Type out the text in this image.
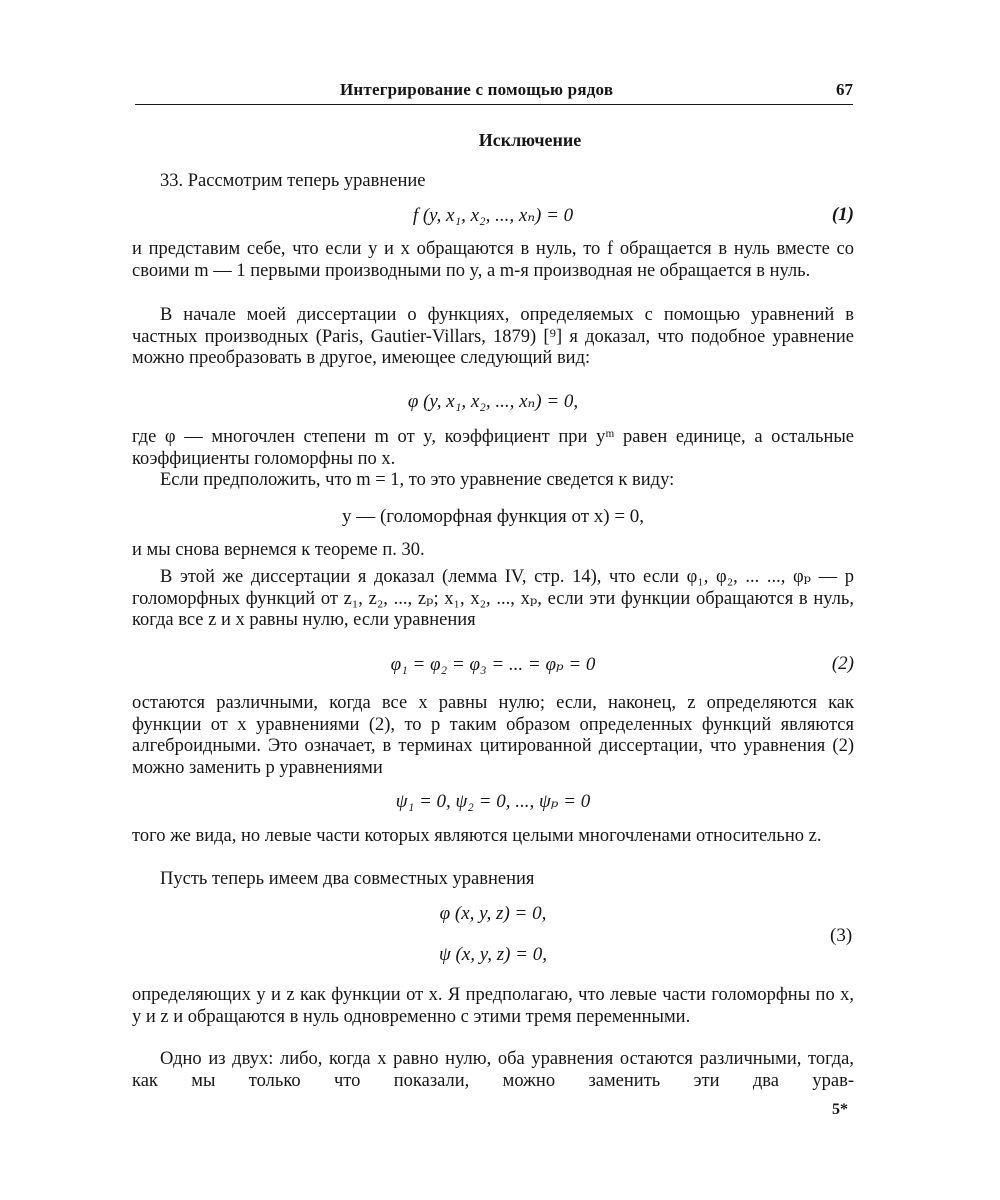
Интегрирование с помощью рядов	67
Исключение
33. Рассмотрим теперь уравнение
f (y, x₁, x₂, ..., xₙ) = 0	(1)
и представим себе, что если y и x обращаются в нуль, то f обращается в нуль вместе со своими m — 1 первыми производными по y, а m-я производная не обращается в нуль.
В начале моей диссертации о функциях, определяемых с помощью уравнений в частных производных (Paris, Gautier-Villars, 1879) [⁹] я доказал, что подобное уравнение можно преобразовать в другое, имеющее следующий вид:
φ (y, x₁, x₂, ..., xₙ) = 0,
где φ — многочлен степени m от y, коэффициент при yᵐ равен единице, а остальные коэффициенты голоморфны по x.
Если предположить, что m = 1, то это уравнение сведется к виду:
y — (голоморфная функция от x) = 0,
и мы снова вернемся к теореме п. 30.
В этой же диссертации я доказал (лемма IV, стр. 14), что если φ₁, φ₂, ... ..., φₚ — p голоморфных функций от z₁, z₂, ..., zₚ; x₁, x₂, ..., xₚ, если эти функции обращаются в нуль, когда все z и x равны нулю, если уравнения
φ₁ = φ₂ = φ₃ = ... = φₚ = 0	(2)
остаются различными, когда все x равны нулю; если, наконец, z определяются как функции от x уравнениями (2), то p таким образом определенных функций являются алгеброидными. Это означает, в терминах цитированной диссертации, что уравнения (2) можно заменить p уравнениями
ψ₁ = 0, ψ₂ = 0, ..., ψₚ = 0
того же вида, но левые части которых являются целыми многочленами относительно z.
Пусть теперь имеем два совместных уравнения
φ (x, y, z) = 0,
ψ (x, y, z) = 0,
(3)
определяющих y и z как функции от x. Я предполагаю, что левые части голоморфны по x, y и z и обращаются в нуль одновременно с этими тремя переменными.
Одно из двух: либо, когда x равно нулю, оба уравнения остаются различными, тогда, как мы только что показали, можно заменить эти два урав-
5*
